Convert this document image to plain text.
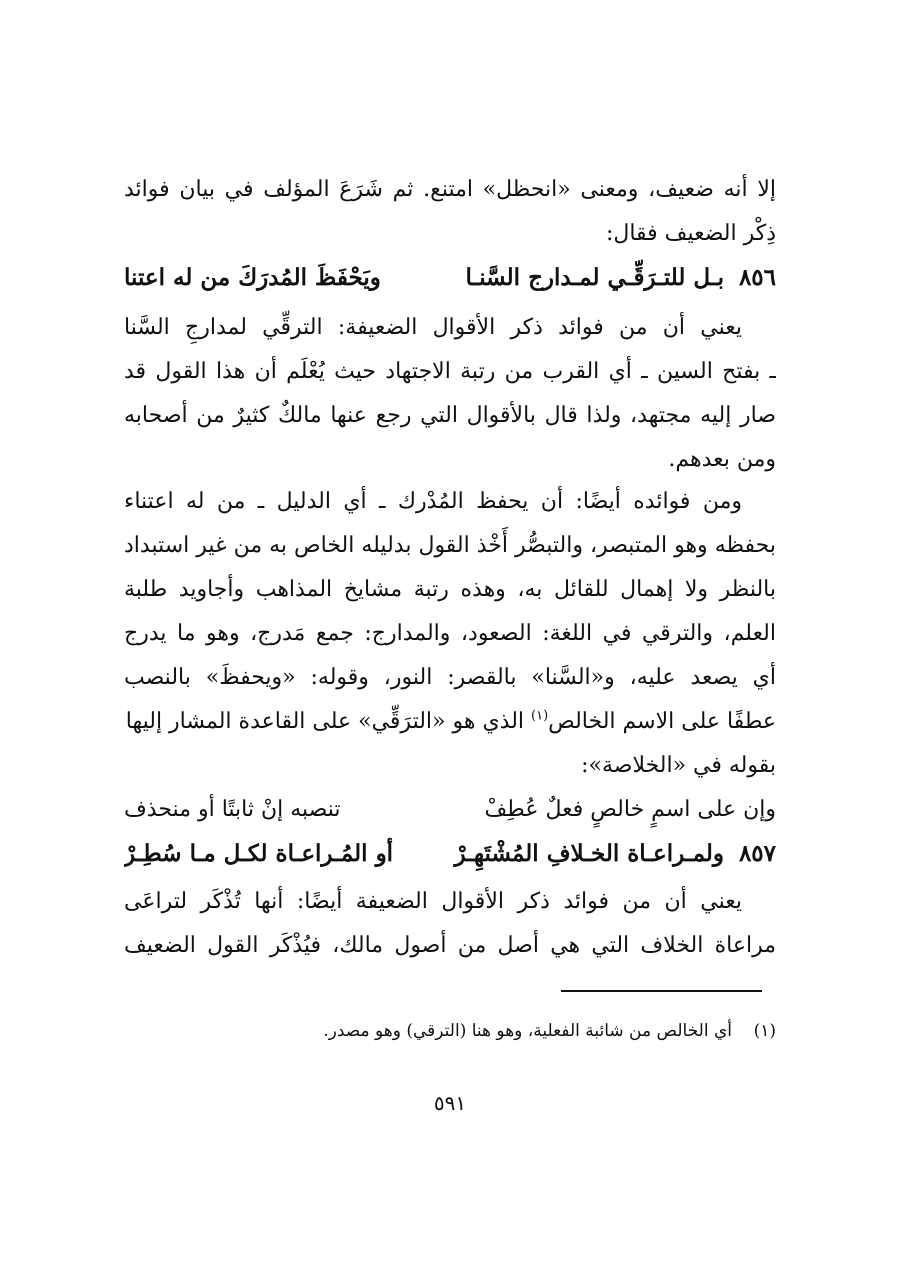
إلا أنه ضعيف، ومعنى «انحظل» امتنع. ثم شَرَعَ المؤلف في بيان فوائد
ذِكْر الضعيف فقال:
٨٥٦
بـل للتـرَقِّـي لمـدارج السَّنـا
ويَحْفَظَ المُدرَكَ من له اعتنا
يعني أن من فوائد ذكر الأقوال الضعيفة: الترقِّي لمدارجِ السَّنا
ـ بفتح السين ـ أي القرب من رتبة الاجتهاد حيث يُعْلَم أن هذا القول قد
صار إليه مجتهد، ولذا قال بالأقوال التي رجع عنها مالكٌ كثيرٌ من أصحابه
ومن بعدهم.
ومن فوائده أيضًا: أن يحفظ المُدْرك ـ أي الدليل ـ من له اعتناء
بحفظه وهو المتبصر، والتبصُّر أَخْذ القول بدليله الخاص به من غير استبداد
بالنظر ولا إهمال للقائل به، وهذه رتبة مشايخ المذاهب وأجاويد طلبة
العلم، والترقي في اللغة: الصعود، والمدارج: جمع مَدرج، وهو ما يدرج
أي يصعد عليه، و«السَّنا» بالقصر: النور، وقوله: «ويحفظَ» بالنصب
عطفًا على الاسم الخالص$^{(١)}$ الذي هو «الترَقِّي» على القاعدة المشار إليها
بقوله في «الخلاصة»:
وإن على اسمٍ خالصٍ فعلٌ عُطِفْ
تنصبه إنْ ثابتًا أو منحذف
٨٥٧
ولمـراعـاة الخـلافِ المُشْتَهِـرْ
أو المُـراعـاة لكـل مـا سُطِـرْ
يعني أن من فوائد ذكر الأقوال الضعيفة أيضًا: أنها تُذْكَر لتراعَى
مراعاة الخلاف التي هي أصل من أصول مالك، فيُذْكَر القول الضعيف
(١)أي الخالص من شائبة الفعلية، وهو هنا (الترقي) وهو مصدر.
٥٩١
